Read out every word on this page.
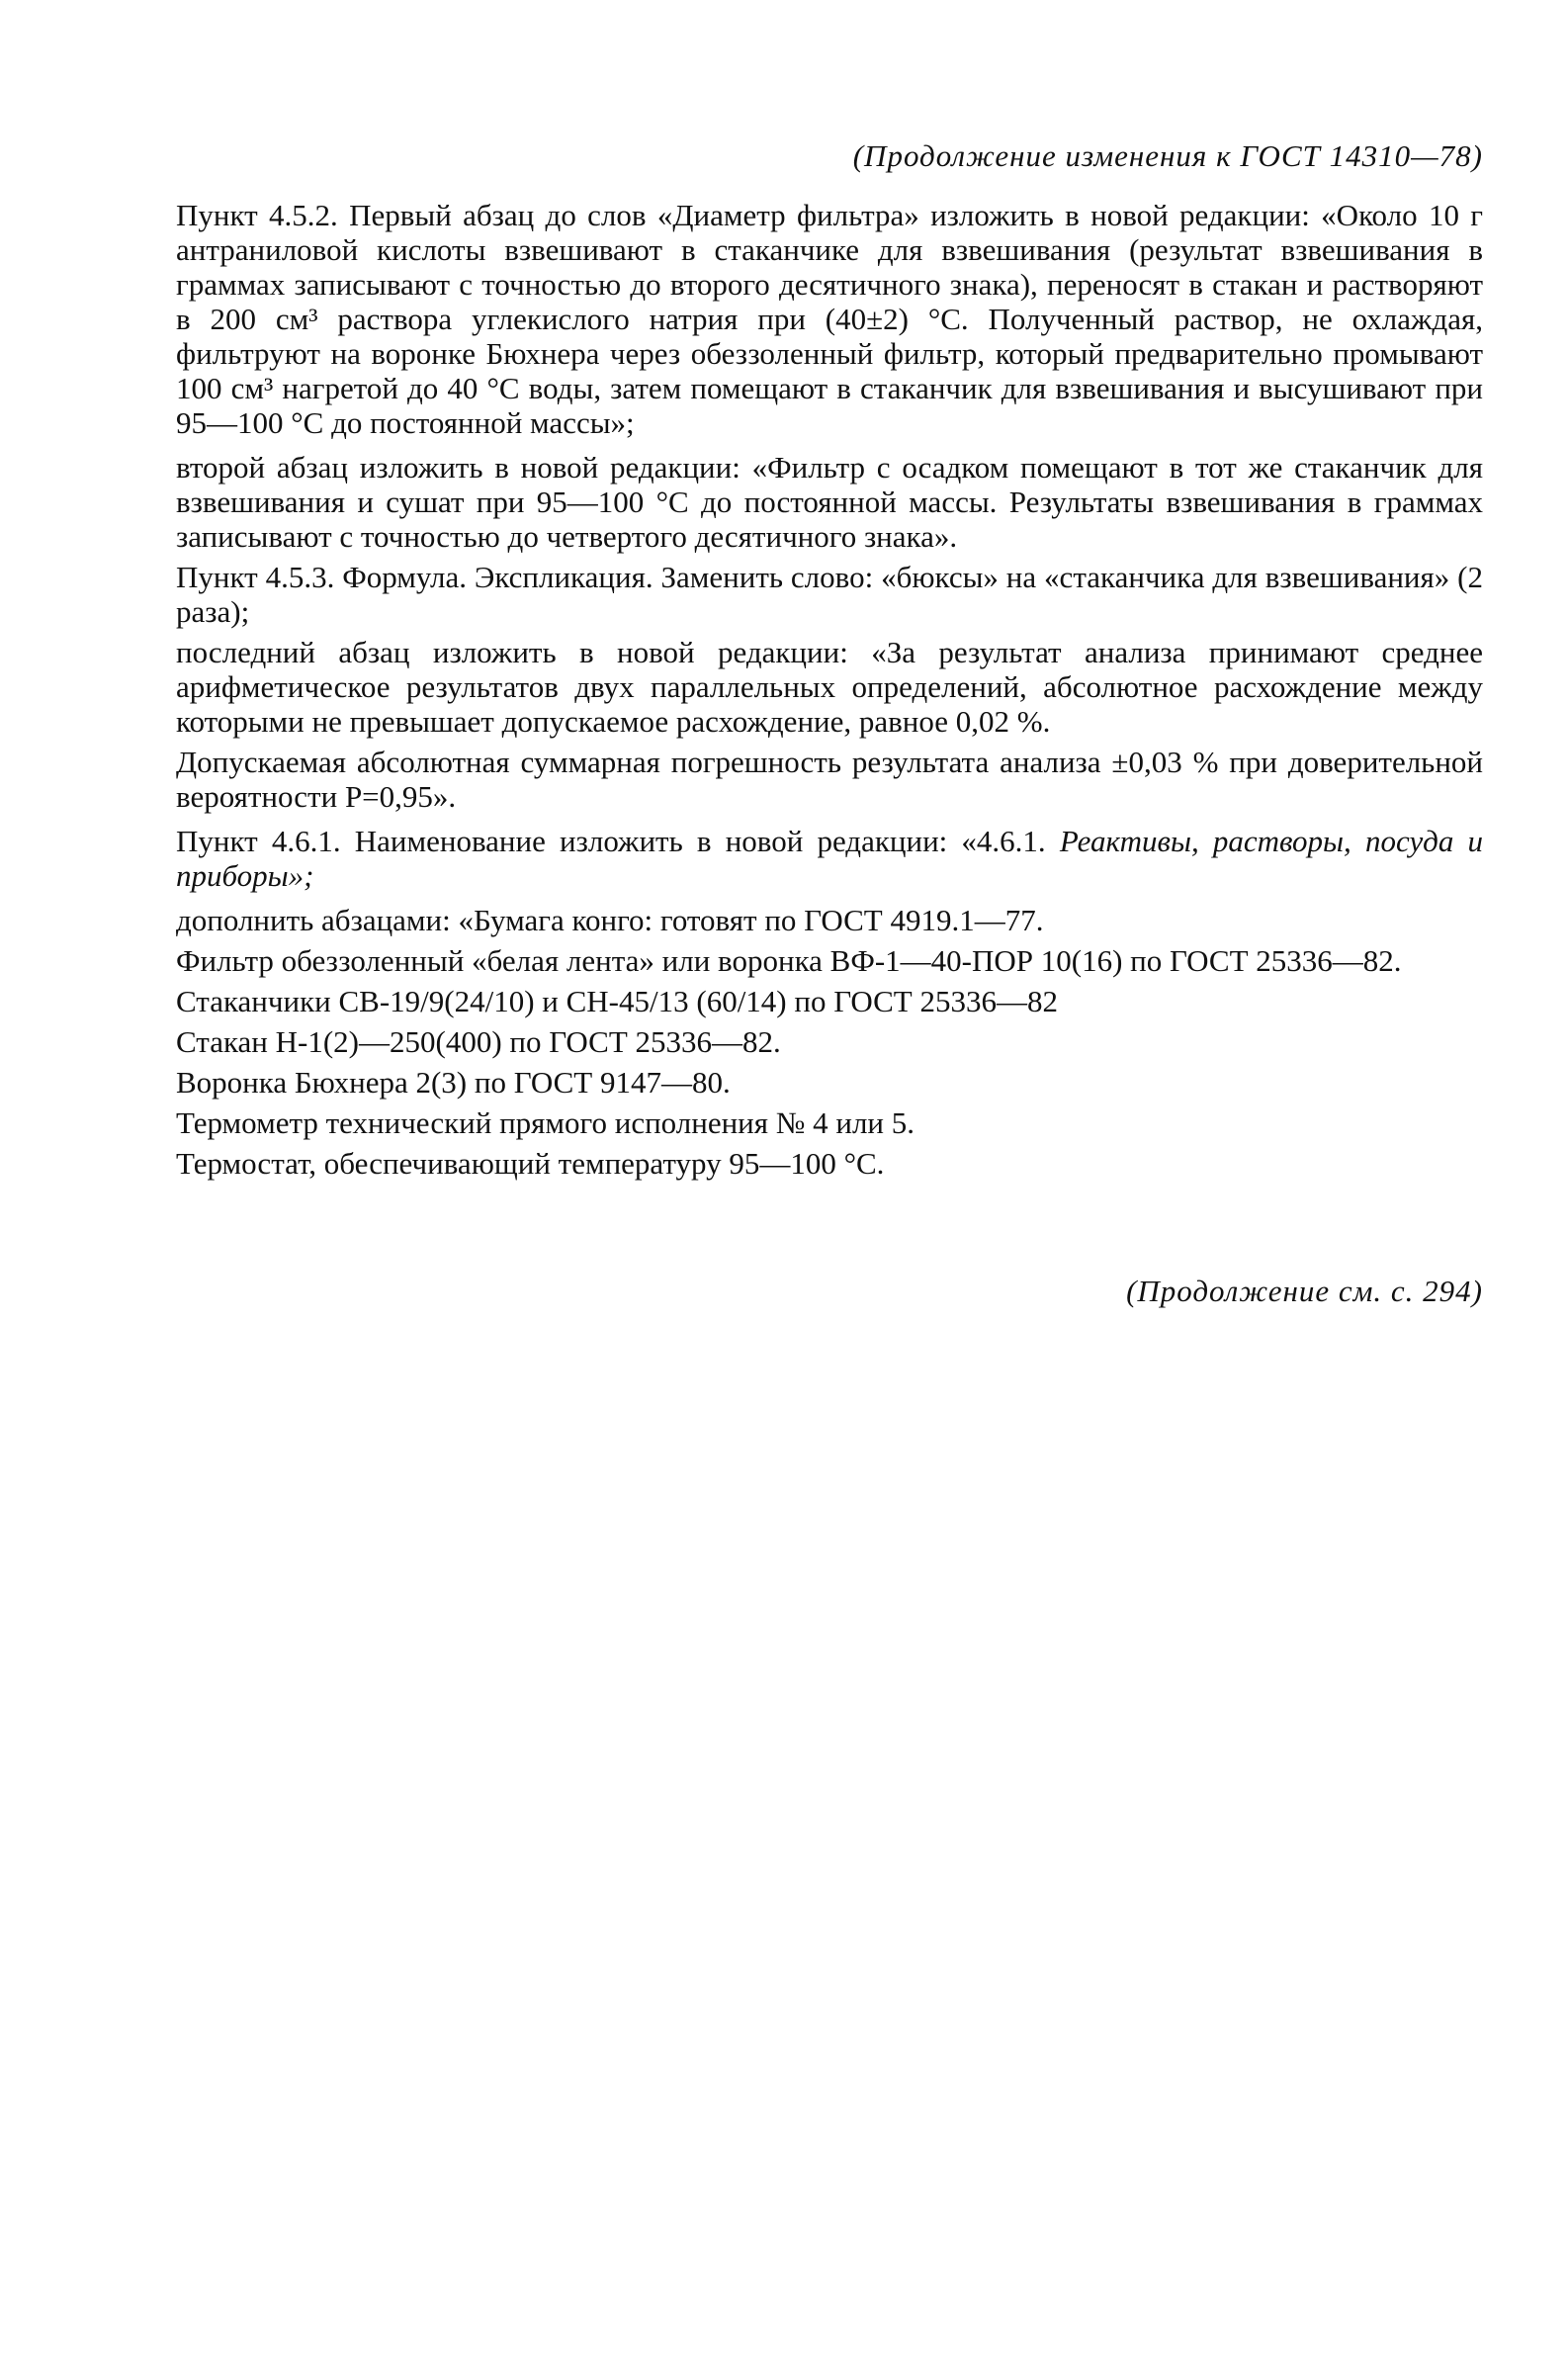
(Продолжение изменения к ГОСТ 14310—78)

Пункт 4.5.2. Первый абзац до слов «Диаметр фильтра» изложить в новой редакции: «Около 10 г антраниловой кислоты взвешивают в стаканчике для взвешивания (результат взвешивания в граммах записывают с точностью до второго десятичного знака), переносят в стакан и растворяют в 200 см³ раствора углекислого натрия при (40±2) °С. Полученный раствор, не охлаждая, фильтруют на воронке Бюхнера через обеззоленный фильтр, который предварительно промывают 100 см³ нагретой до 40 °С воды, затем помещают в стаканчик для взвешивания и высушивают при 95—100 °С до постоянной массы»;

второй абзац изложить в новой редакции: «Фильтр с осадком помещают в тот же стаканчик для взвешивания и сушат при 95—100 °С до постоянной массы. Результаты взвешивания в граммах записывают с точностью до четвертого десятичного знака».

Пункт 4.5.3. Формула. Экспликация. Заменить слово: «бюксы» на «стаканчика для взвешивания» (2 раза);

последний абзац изложить в новой редакции: «За результат анализа принимают среднее арифметическое результатов двух параллельных определений, абсолютное расхождение между которыми не превышает допускаемое расхождение, равное 0,02 %.

Допускаемая абсолютная суммарная погрешность результата анализа ±0,03 % при доверительной вероятности P=0,95».

Пункт 4.6.1. Наименование изложить в новой редакции: «4.6.1. Реактивы, растворы, посуда и приборы»;

дополнить абзацами: «Бумага конго: готовят по ГОСТ 4919.1—77.

Фильтр обеззоленный «белая лента» или воронка ВФ-1—40-ПОР 10(16) по ГОСТ 25336—82.

Стаканчики СВ-19/9(24/10) и СН-45/13 (60/14) по ГОСТ 25336—82

Стакан Н-1(2)—250(400) по ГОСТ 25336—82.

Воронка Бюхнера 2(3) по ГОСТ 9147—80.

Термометр технический прямого исполнения № 4 или 5.

Термостат, обеспечивающий температуру 95—100 °С.

(Продолжение см. с. 294)
